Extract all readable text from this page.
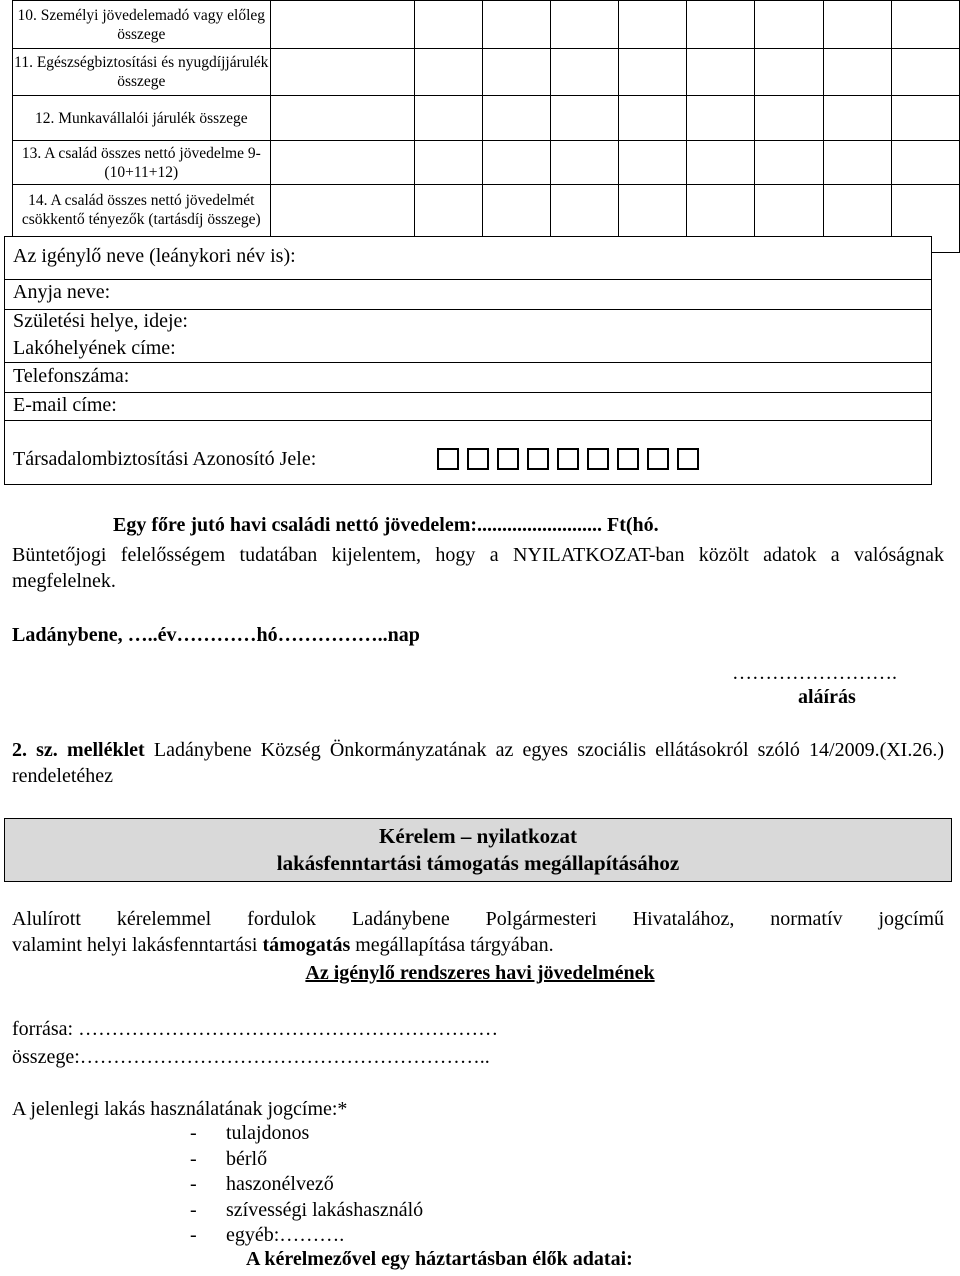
10. Személyi jövedelemadó vagy előleg összege									
11. Egészségbiztosítási és nyugdíjjárulék összege									
12. Munkavállalói járulék összege									
13. A család összes nettó jövedelme 9-(10+11+12)									
14. A család összes nettó jövedelmét csökkentő tényezők (tartásdíj összege)									
Az igénylő neve (leánykori név is):
Anyja neve:
Születési helye, ideje:
Lakóhelyének címe:
Telefonszáma:
E-mail címe:
Társadalombiztosítási Azonosító Jele:
Egy főre jutó havi családi nettó jövedelem:......................... Ft(hó.
Büntetőjogi felelősségem tudatában kijelentem, hogy a NYILATKOZAT-ban közölt adatok a valóságnak megfelelnek.
Ladánybene, …..év…………hó……………..nap
…………………….
aláírás
2. sz. melléklet Ladánybene Község Önkormányzatának az egyes szociális ellátásokról szóló 14/2009.(XI.26.) rendeletéhez
Kérelem – nyilatkozat
lakásfenntartási támogatás megállapításához
Alulírott kérelemmel fordulok Ladánybene Polgármesteri Hivatalához, normatív jogcímű
valamint helyi lakásfenntartási támogatás megállapítása tárgyában.
Az igénylő rendszeres havi jövedelmének
forrása: ………………………………………………………
összege:……………………………………………………..
A jelenlegi lakás használatának jogcíme:*
- tulajdonos
- bérlő
- haszonélvező
- szívességi lakáshasználó
- egyéb:……….
A kérelmezővel egy háztartásban élők adatai:
